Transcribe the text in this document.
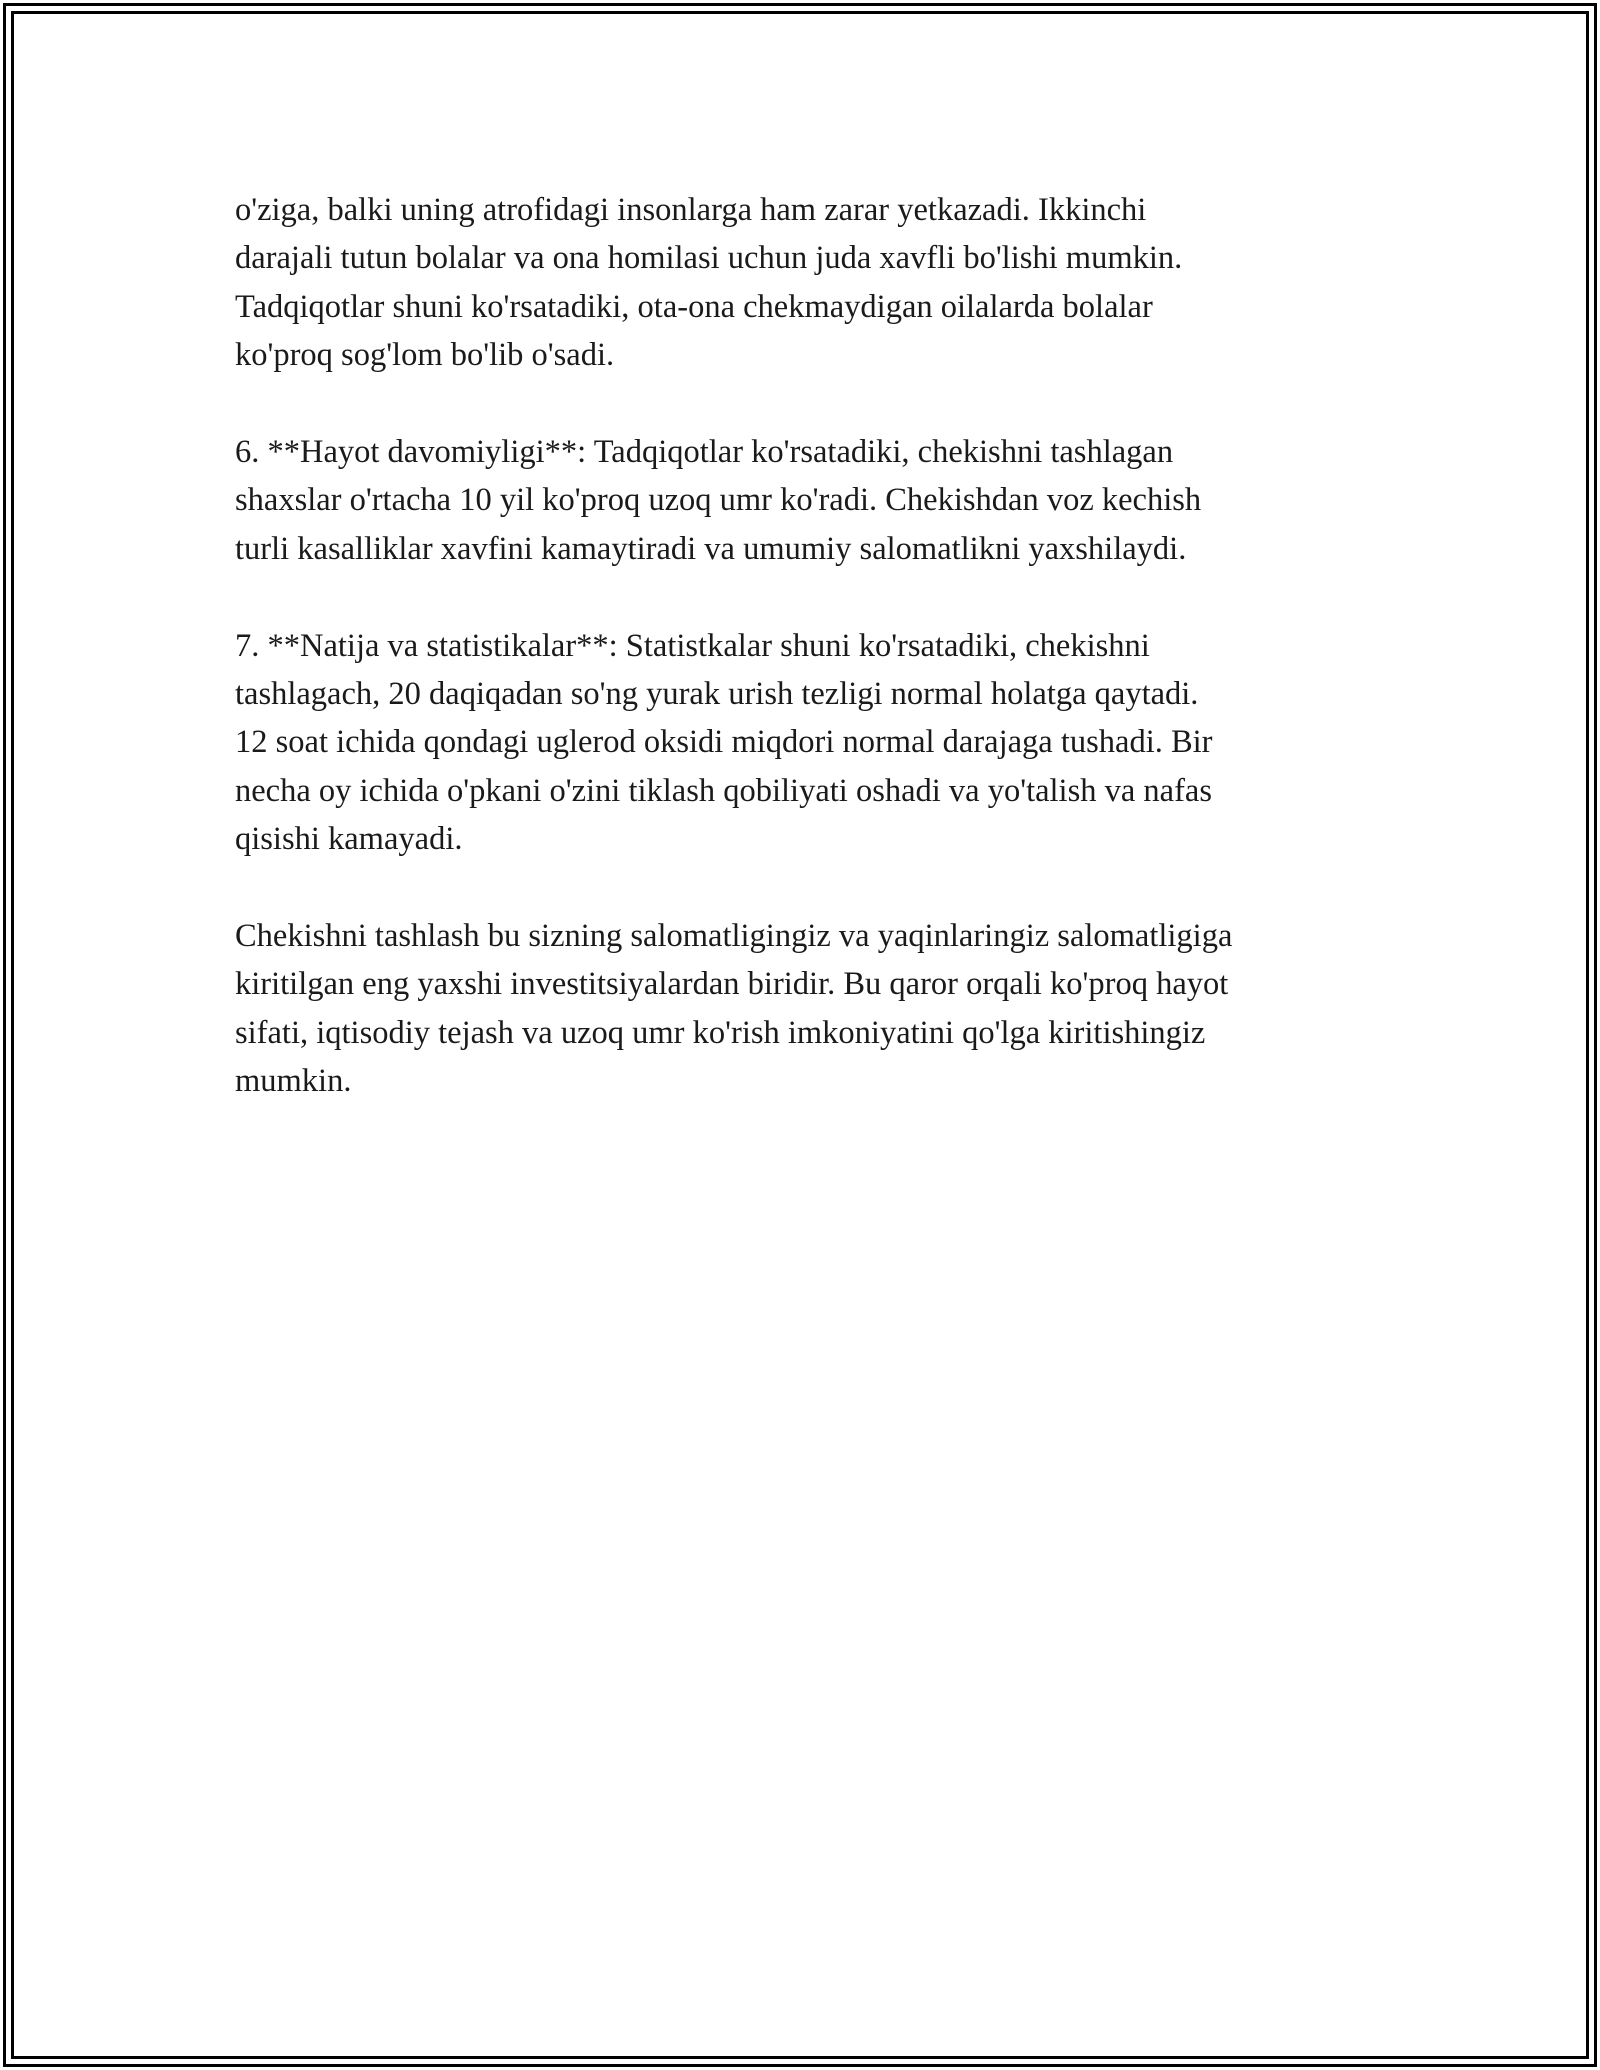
o'ziga, balki uning atrofidagi insonlarga ham zarar yetkazadi. Ikkinchi
darajali tutun bolalar va ona homilasi uchun juda xavfli bo'lishi mumkin.
Tadqiqotlar shuni ko'rsatadiki, ota-ona chekmaydigan oilalarda bolalar
ko'proq sog'lom bo'lib o'sadi.

6. **Hayot davomiyligi**: Tadqiqotlar ko'rsatadiki, chekishni tashlagan
shaxslar o'rtacha 10 yil ko'proq uzoq umr ko'radi. Chekishdan voz kechish
turli kasalliklar xavfini kamaytiradi va umumiy salomatlikni yaxshilaydi.

7. **Natija va statistikalar**: Statistkalar shuni ko'rsatadiki, chekishni
tashlagach, 20 daqiqadan so'ng yurak urish tezligi normal holatga qaytadi.
12 soat ichida qondagi uglerod oksidi miqdori normal darajaga tushadi. Bir
necha oy ichida o'pkani o'zini tiklash qobiliyati oshadi va yo'talish va nafas
qisishi kamayadi.

Chekishni tashlash bu sizning salomatligingiz va yaqinlaringiz salomatligiga
kiritilgan eng yaxshi investitsiyalardan biridir. Bu qaror orqali ko'proq hayot
sifati, iqtisodiy tejash va uzoq umr ko'rish imkoniyatini qo'lga kiritishingiz
mumkin.
